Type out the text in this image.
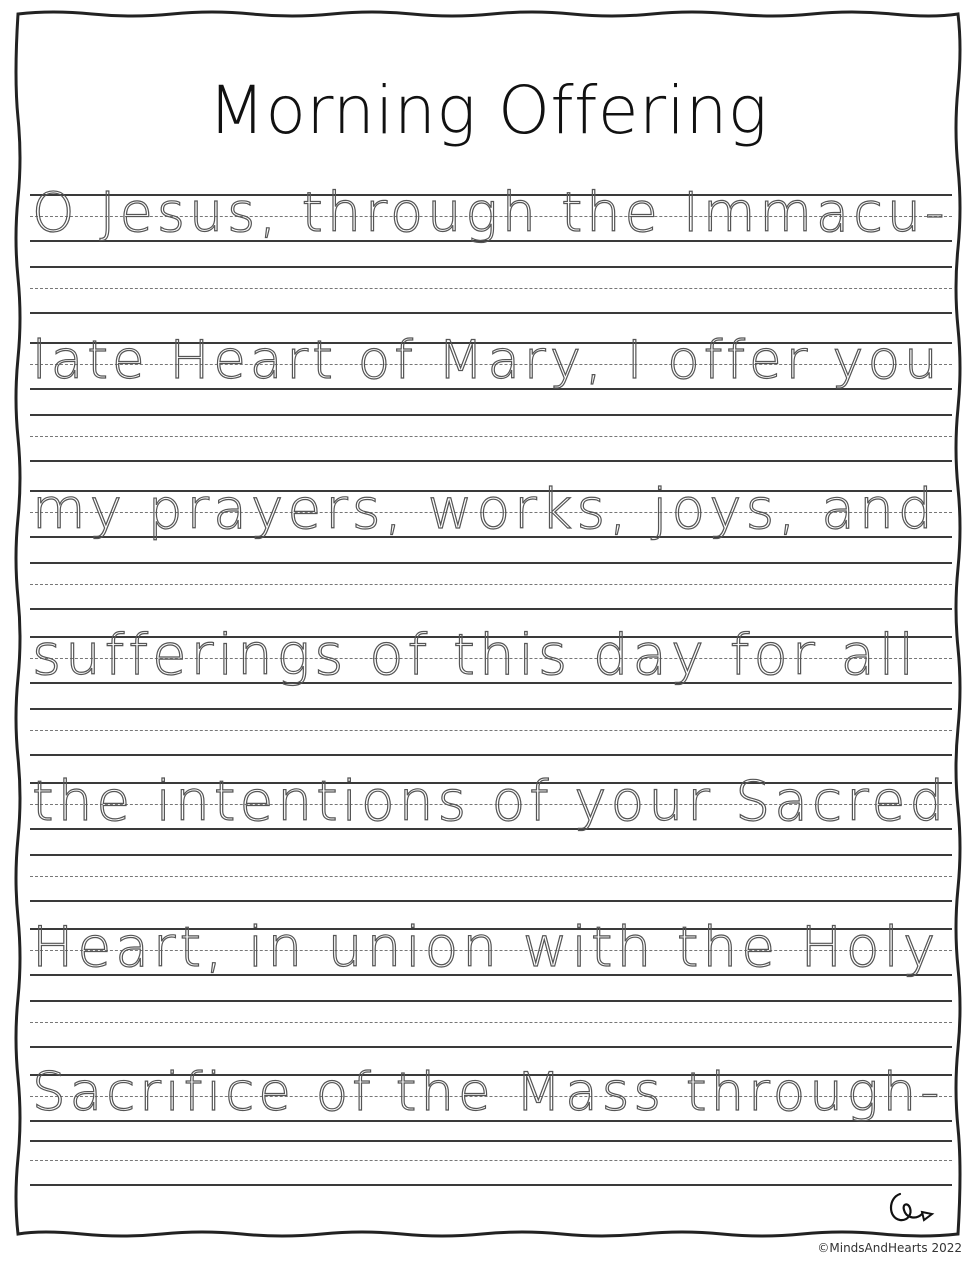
Morning Offering
O Jesus, through the Immacu-
late Heart of Mary, I offer you
my prayers, works, joys, and
sufferings of this day for all
the intentions of your Sacred
Heart, in union with the Holy
Sacrifice of the Mass through-
©MindsAndHearts 2022
